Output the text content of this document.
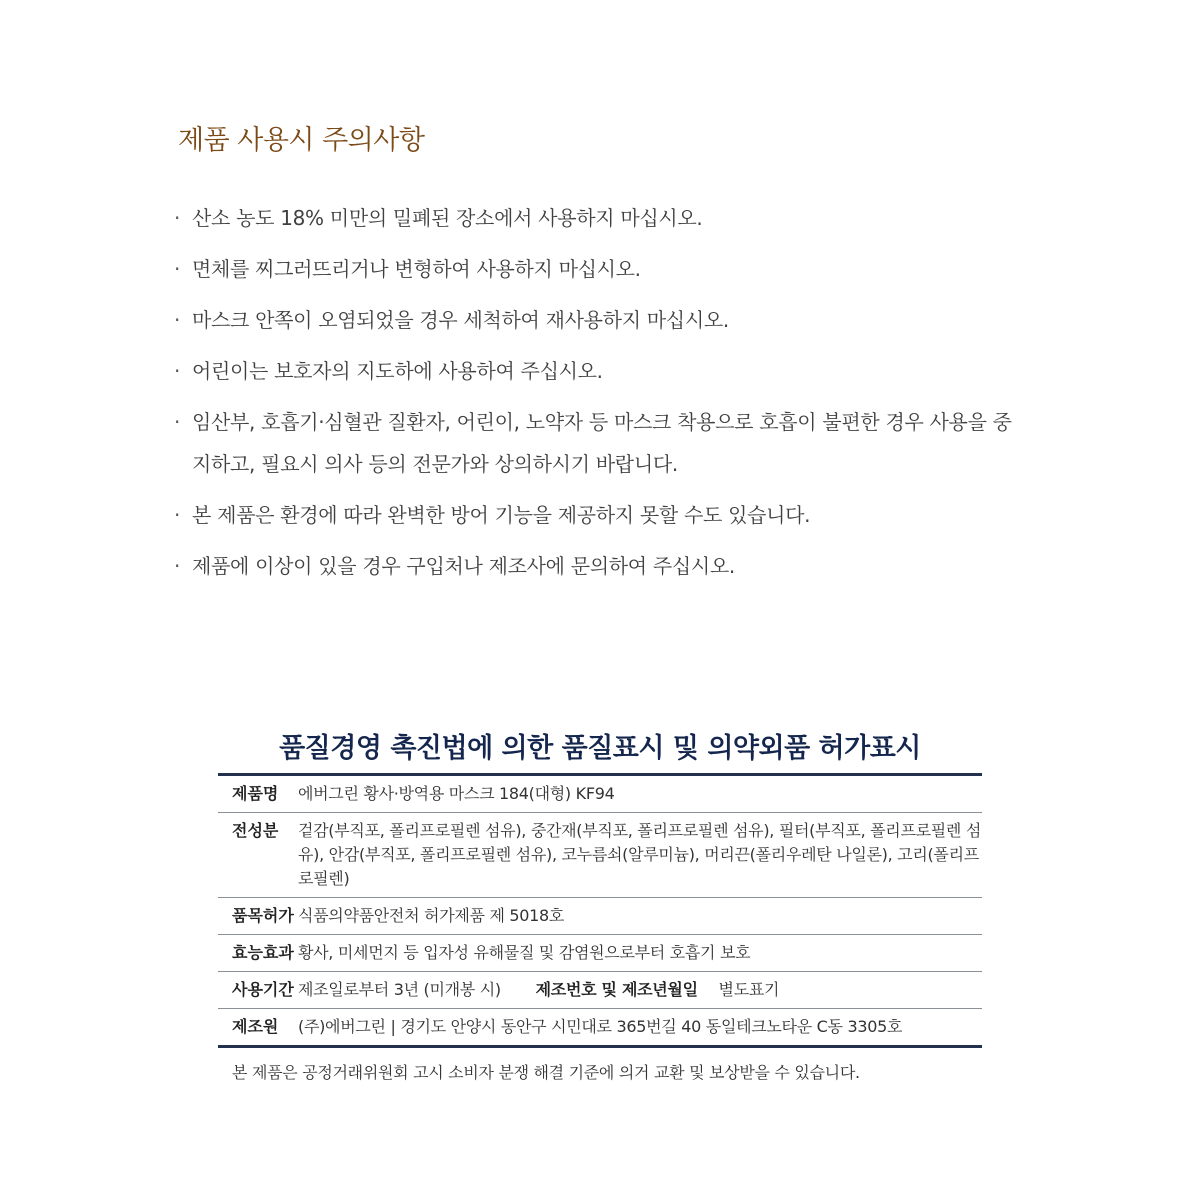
제품 사용시 주의사항
· 산소 농도 18% 미만의 밀폐된 장소에서 사용하지 마십시오.
· 면체를 찌그러뜨리거나 변형하여 사용하지 마십시오.
· 마스크 안쪽이 오염되었을 경우 세척하여 재사용하지 마십시오.
· 어린이는 보호자의 지도하에 사용하여 주십시오.
· 임산부, 호흡기·심혈관 질환자, 어린이, 노약자 등 마스크 착용으로 호흡이 불편한 경우 사용을 중지하고, 필요시 의사 등의 전문가와 상의하시기 바랍니다.
· 본 제품은 환경에 따라 완벽한 방어 기능을 제공하지 못할 수도 있습니다.
· 제품에 이상이 있을 경우 구입처나 제조사에 문의하여 주십시오.
품질경영 촉진법에 의한 품질표시 및 의약외품 허가표시
제품명	에버그린 황사·방역용 마스크 184(대형) KF94
전성분	겉감(부직포, 폴리프로필렌 섬유), 중간재(부직포, 폴리프로필렌 섬유), 필터(부직포, 폴리프로필렌 섬유), 안감(부직포, 폴리프로필렌 섬유), 코누름쇠(알루미늄), 머리끈(폴리우레탄 나일론), 고리(폴리프로필렌)
품목허가 식품의약품안전처 허가제품 제 5018호
효능효과 황사, 미세먼지 등 입자성 유해물질 및 감염원으로부터 호흡기 보호
사용기간 제조일로부터 3년 (미개봉 시) 제조번호 및 제조년월일 별도표기
제조원	(주)에버그린 | 경기도 안양시 동안구 시민대로 365번길 40 동일테크노타운 C동 3305호

본 제품은 공정거래위원회 고시 소비자 분쟁 해결 기준에 의거 교환 및 보상받을 수 있습니다.
